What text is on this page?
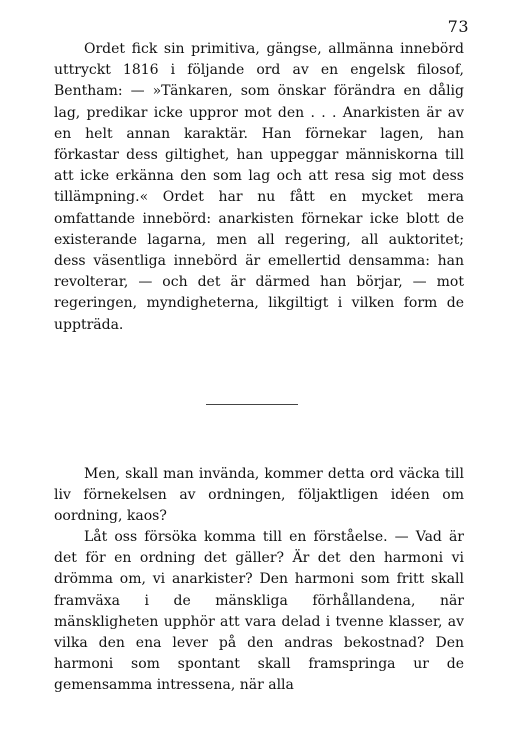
73

Ordet fick sin primitiva, gängse, allmänna innebörd uttryckt 1816 i följande ord av en engelsk filosof, Bentham: — »Tänkaren, som önskar förändra en dålig lag, predikar icke uppror mot den . . . Anarkisten är av en helt annan karaktär. Han förnekar lagen, han förkastar dess giltighet, han uppeggar människorna till att icke erkänna den som lag och att resa sig mot dess tillämpning.« Ordet har nu fått en mycket mera omfattande innebörd: anarkisten förnekar icke blott de existerande lagarna, men all regering, all auktoritet; dess väsentliga innebörd är emellertid densamma: han revolterar, — och det är därmed han börjar, — mot regeringen, myndigheterna, likgiltigt i vilken form de uppträda.

Men, skall man invända, kommer detta ord väcka till liv förnekelsen av ordningen, följaktligen idéen om oordning, kaos?

Låt oss försöka komma till en förståelse. — Vad är det för en ordning det gäller? Är det den harmoni vi drömma om, vi anarkister? Den harmoni som fritt skall framväxa i de mänskliga förhållandena, när mänskligheten upphör att vara delad i tvenne klasser, av vilka den ena lever på den andras bekostnad? Den harmoni som spontant skall framspringa ur de gemensamma intressena, när alla
